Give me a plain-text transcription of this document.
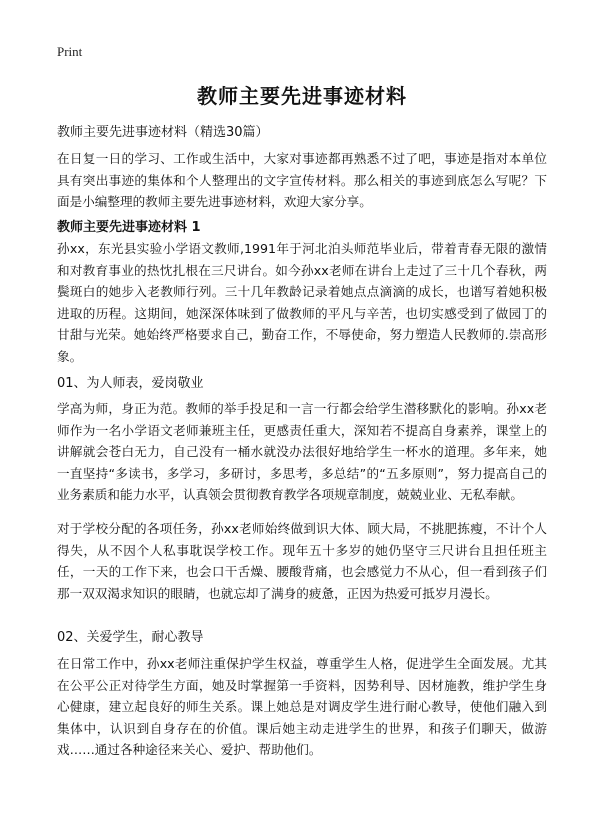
Print
教师主要先进事迹材料

教师主要先进事迹材料（精选30篇）

在日复一日的学习、工作或生活中，大家对事迹都再熟悉不过了吧，事迹是指对本单位具有突出事迹的集体和个人整理出的文字宣传材料。那么相关的事迹到底怎么写呢？下面是小编整理的教师主要先进事迹材料，欢迎大家分享。

教师主要先进事迹材料 1

孙xx，东光县实验小学语文教师,1991年于河北泊头师范毕业后，带着青春无限的激情和对教育事业的热忱扎根在三尺讲台。如今孙xx老师在讲台上走过了三十几个春秋，两鬓斑白的她步入老教师行列。三十几年教龄记录着她点点滴滴的成长，也谱写着她积极进取的历程。这期间，她深深体味到了做教师的平凡与辛苦，也切实感受到了做园丁的甘甜与光荣。她始终严格要求自己，勤奋工作，不辱使命，努力塑造人民教师的.崇高形象。

01、为人师表，爱岗敬业

学高为师，身正为范。教师的举手投足和一言一行都会给学生潜移默化的影响。孙xx老师作为一名小学语文老师兼班主任，更感责任重大，深知若不提高自身素养，课堂上的讲解就会苍白无力，自己没有一桶水就没办法很好地给学生一杯水的道理。多年来，她一直坚持“多读书，多学习，多研讨，多思考，多总结”的“五多原则”，努力提高自己的业务素质和能力水平，认真领会贯彻教育教学各项规章制度，兢兢业业、无私奉献。

对于学校分配的各项任务，孙xx老师始终做到识大体、顾大局，不挑肥拣瘦，不计个人得失，从不因个人私事耽误学校工作。现年五十多岁的她仍坚守三尺讲台且担任班主任，一天的工作下来，也会口干舌燥、腰酸背痛，也会感觉力不从心，但一看到孩子们那一双双渴求知识的眼睛，也就忘却了满身的疲惫，正因为热爱可抵岁月漫长。

02、关爱学生，耐心教导

在日常工作中，孙xx老师注重保护学生权益，尊重学生人格，促进学生全面发展。尤其在公平公正对待学生方面，她及时掌握第一手资料，因势利导、因材施教，维护学生身心健康，建立起良好的师生关系。课上她总是对调皮学生进行耐心教导，使他们融入到集体中，认识到自身存在的价值。课后她主动走进学生的世界，和孩子们聊天，做游戏……通过各种途径来关心、爱护、帮助他们。
